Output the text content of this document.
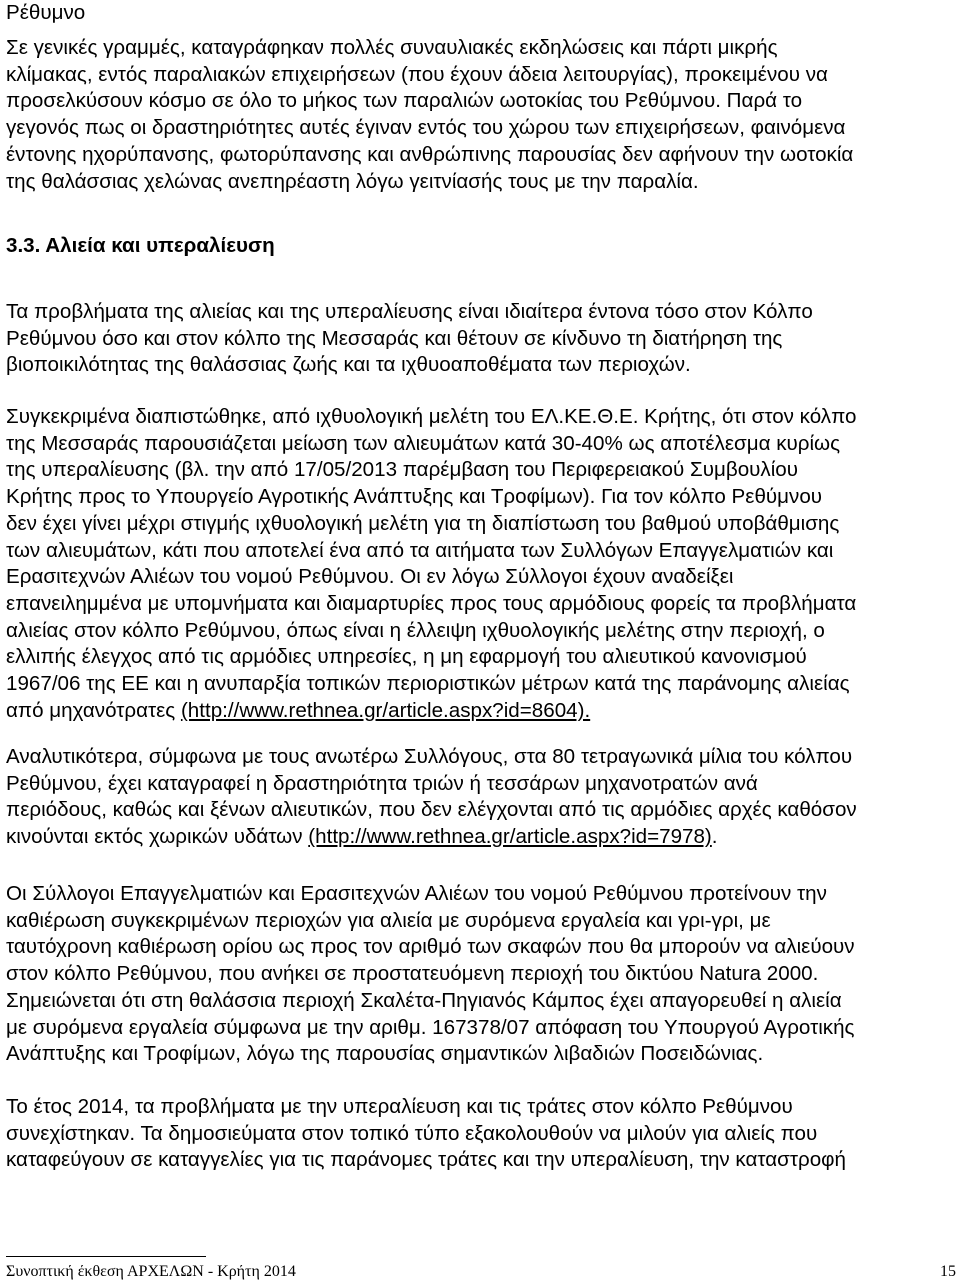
Ρέθυμνο
Σε γενικές γραμμές, καταγράφηκαν πολλές συναυλιακές εκδηλώσεις και πάρτι μικρής
κλίμακας, εντός παραλιακών επιχειρήσεων (που έχουν άδεια λειτουργίας), προκειμένου να
προσελκύσουν κόσμο σε όλο το μήκος των παραλιών ωοτοκίας του Ρεθύμνου. Παρά το
γεγονός πως οι δραστηριότητες αυτές έγιναν εντός του χώρου των επιχειρήσεων, φαινόμενα
έντονης ηχορύπανσης, φωτορύπανσης και ανθρώπινης παρουσίας δεν αφήνουν την ωοτοκία
της θαλάσσιας χελώνας ανεπηρέαστη λόγω γειτνίασής τους με την παραλία.
3.3. Αλιεία και υπεραλίευση
Τα προβλήματα της αλιείας και της υπεραλίευσης είναι ιδιαίτερα έντονα τόσο στον Κόλπο
Ρεθύμνου όσο και στον κόλπο της Μεσσαράς και θέτουν σε κίνδυνο τη διατήρηση της
βιοποικιλότητας της θαλάσσιας ζωής και τα ιχθυοαποθέματα των περιοχών.
Συγκεκριμένα διαπιστώθηκε, από ιχθυολογική μελέτη του ΕΛ.ΚΕ.Θ.Ε. Κρήτης, ότι στον κόλπο
της Μεσσαράς παρουσιάζεται μείωση των αλιευμάτων κατά 30-40% ως αποτέλεσμα κυρίως
της υπεραλίευσης (βλ. την από 17/05/2013 παρέμβαση του Περιφερειακού Συμβουλίου
Κρήτης προς το Υπουργείο Αγροτικής Ανάπτυξης και Τροφίμων). Για τον κόλπο Ρεθύμνου
δεν έχει γίνει μέχρι στιγμής ιχθυολογική μελέτη για τη διαπίστωση του βαθμού υποβάθμισης
των αλιευμάτων, κάτι που αποτελεί ένα από τα αιτήματα των Συλλόγων Επαγγελματιών και
Ερασιτεχνών Αλιέων του νομού Ρεθύμνου. Οι εν λόγω Σύλλογοι έχουν αναδείξει
επανειλημμένα με υπομνήματα και διαμαρτυρίες προς τους αρμόδιους φορείς τα προβλήματα
αλιείας στον κόλπο Ρεθύμνου, όπως είναι η έλλειψη ιχθυολογικής μελέτης στην περιοχή, ο
ελλιπής έλεγχος από τις αρμόδιες υπηρεσίες, η μη εφαρμογή του αλιευτικού κανονισμού
1967/06 της ΕΕ και η ανυπαρξία τοπικών περιοριστικών μέτρων κατά της παράνομης αλιείας
από μηχανότρατες (http://www.rethnea.gr/article.aspx?id=8604).
Αναλυτικότερα, σύμφωνα με τους ανωτέρω Συλλόγους, στα 80 τετραγωνικά μίλια του κόλπου
Ρεθύμνου, έχει καταγραφεί η δραστηριότητα τριών ή τεσσάρων μηχανοτρατών ανά
περιόδους, καθώς και ξένων αλιευτικών, που δεν ελέγχονται από τις αρμόδιες αρχές καθόσον
κινούνται εκτός χωρικών υδάτων (http://www.rethnea.gr/article.aspx?id=7978).
Οι Σύλλογοι Επαγγελματιών και Ερασιτεχνών Αλιέων του νομού Ρεθύμνου προτείνουν την
καθιέρωση συγκεκριμένων περιοχών για αλιεία με συρόμενα εργαλεία και γρι-γρι, με
ταυτόχρονη καθιέρωση ορίου ως προς τον αριθμό των σκαφών που θα μπορούν να αλιεύουν
στον κόλπο Ρεθύμνου, που ανήκει σε προστατευόμενη περιοχή του δικτύου Natura 2000.
Σημειώνεται ότι στη θαλάσσια περιοχή Σκαλέτα-Πηγιανός Κάμπος έχει απαγορευθεί η αλιεία
με συρόμενα εργαλεία σύμφωνα με την αριθμ. 167378/07 απόφαση του Υπουργού Αγροτικής
Ανάπτυξης και Τροφίμων, λόγω της παρουσίας σημαντικών λιβαδιών Ποσειδώνιας.
Το έτος 2014, τα προβλήματα με την υπεραλίευση και τις τράτες στον κόλπο Ρεθύμνου
συνεχίστηκαν. Τα δημοσιεύματα στον τοπικό τύπο εξακολουθούν να μιλούν για αλιείς που
καταφεύγουν σε καταγγελίες για τις παράνομες τράτες και την υπεραλίευση, την καταστροφή
Συνοπτική έκθεση ΑΡΧΕΛΩΝ - Κρήτη 2014	15
